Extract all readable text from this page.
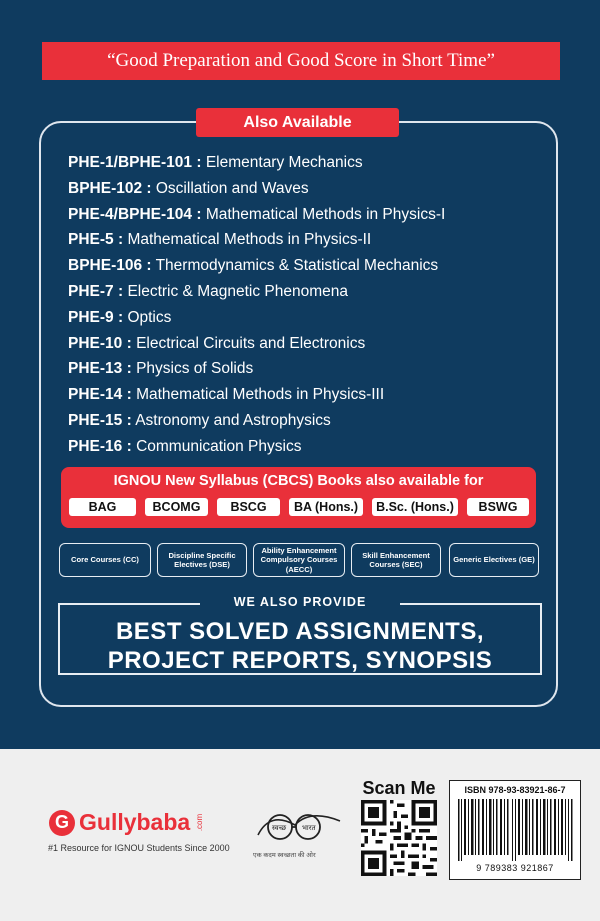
“Good Preparation and Good Score in Short Time”
Also Available
PHE-1/BPHE-101 : Elementary Mechanics
BPHE-102 : Oscillation and Waves
PHE-4/BPHE-104 : Mathematical Methods in Physics-I
PHE-5 : Mathematical Methods in Physics-II
BPHE-106 : Thermodynamics & Statistical Mechanics
PHE-7 : Electric & Magnetic Phenomena
PHE-9 : Optics
PHE-10 : Electrical Circuits and Electronics
PHE-13 : Physics of Solids
PHE-14 : Mathematical Methods in Physics-III
PHE-15 : Astronomy and Astrophysics
PHE-16 : Communication Physics
IGNOU New Syllabus (CBCS) Books also available for
BAG	BCOMG	BSCG	BA (Hons.)	B.Sc. (Hons.)	BSWG
Core Courses (CC)
Discipline Specific Electives (DSE)
Ability Enhancement Compulsory Courses (AECC)
Skill Enhancement Courses (SEC)
Generic Electives (GE)
WE ALSO PROVIDE
BEST SOLVED ASSIGNMENTS,
PROJECT REPORTS, SYNOPSIS
G Gullybaba .com
#1 Resource for IGNOU Students Since 2000
स्वच्छ भारत
एक कदम स्वच्छता की ओर
Scan Me	ISBN 978-93-83921-86-7
9 789383 921867
